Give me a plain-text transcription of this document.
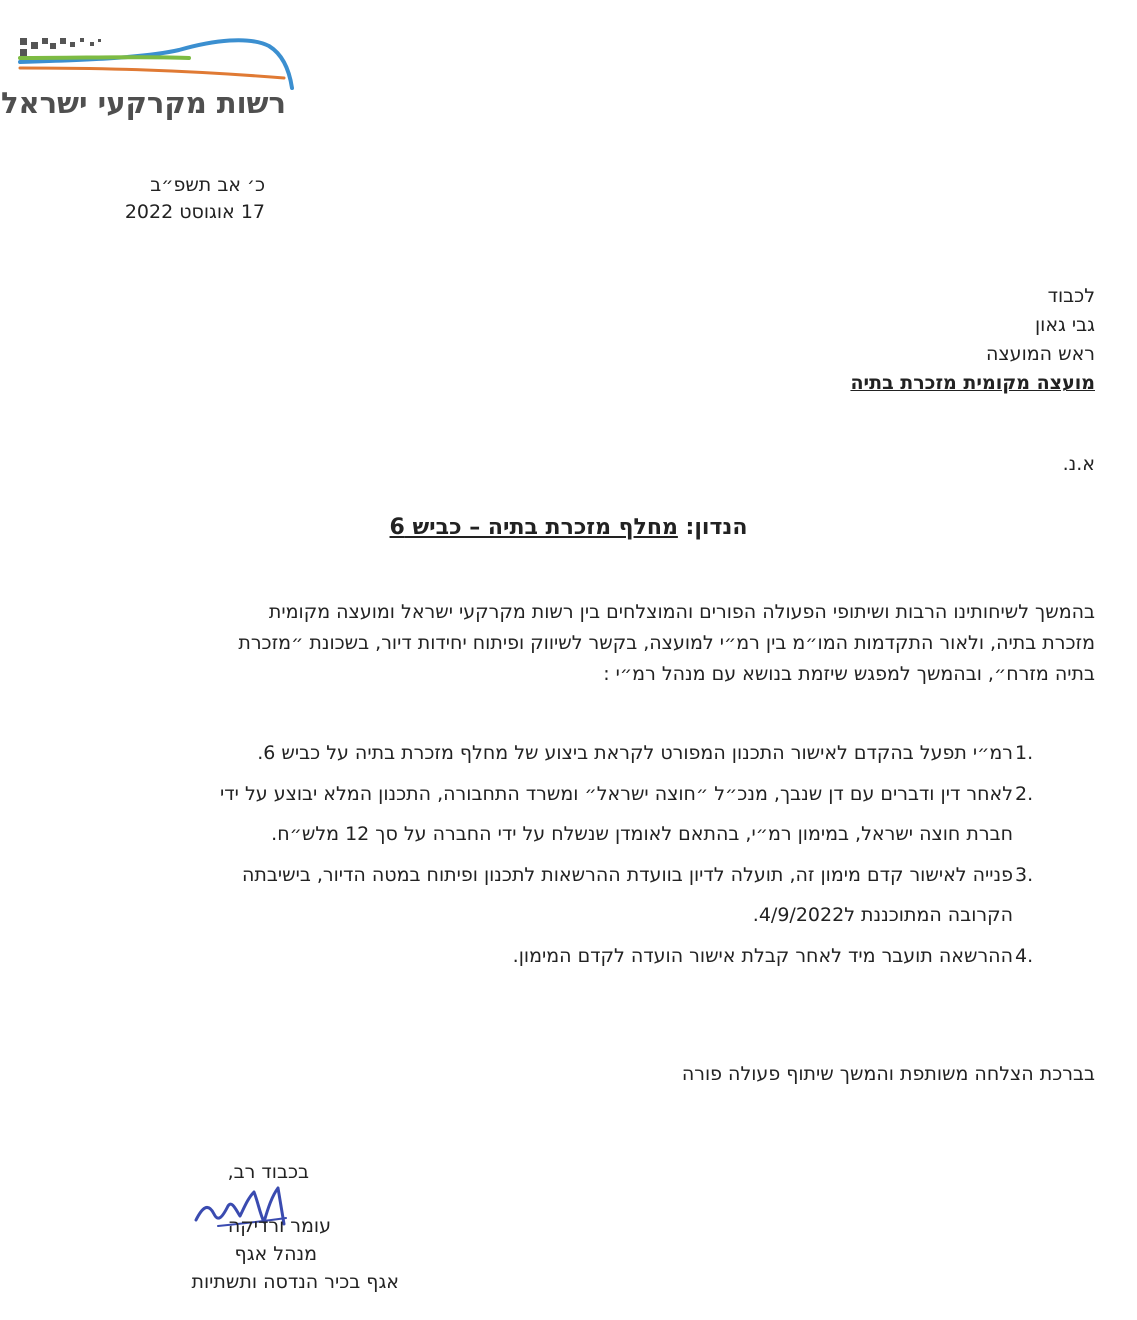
רשות מקרקעי ישראל
כ׳ אב תשפ״ב
17 אוגוסט 2022
לכבוד
גבי גאון
ראש המועצה
מועצה מקומית מזכרת בתיה
א.נ.
הנדון: מחלף מזכרת בתיה – כביש 6
בהמשך לשיחותינו הרבות ושיתופי הפעולה הפורים והמוצלחים בין רשות מקרקעי ישראל ומועצה מקומית
מזכרת בתיה, ולאור התקדמות המו״מ בין רמ״י למועצה, בקשר לשיווק ופיתוח יחידות דיור, בשכונת ״מזכרת
בתיה מזרח״, ובהמשך למפגש שיזמת בנושא עם מנהל רמ״י :
1.
רמ״י תפעל בהקדם לאישור התכנון המפורט לקראת ביצוע של מחלף מזכרת בתיה על כביש 6.
2.
לאחר דין ודברים עם דן שנבך, מנכ״ל ״חוצה ישראל״ ומשרד התחבורה, התכנון המלא יבוצע על ידי
חברת חוצה ישראל, במימון רמ״י, בהתאם לאומדן שנשלח על ידי החברה על סך 12 מלש״ח.
3.
פנייה לאישור קדם מימון זה, תועלה לדיון בוועדת ההרשאות לתכנון ופיתוח במטה הדיור, בישיבתה
הקרובה המתוכננת ל4/9/2022.
4.
ההרשאה תועבר מיד לאחר קבלת אישור הועדה לקדם המימון.
בברכת הצלחה משותפת והמשך שיתוף פעולה פורה
בכבוד רב,
עומר ורדיקה
מנהל אגף
אגף בכיר הנדסה ותשתיות
